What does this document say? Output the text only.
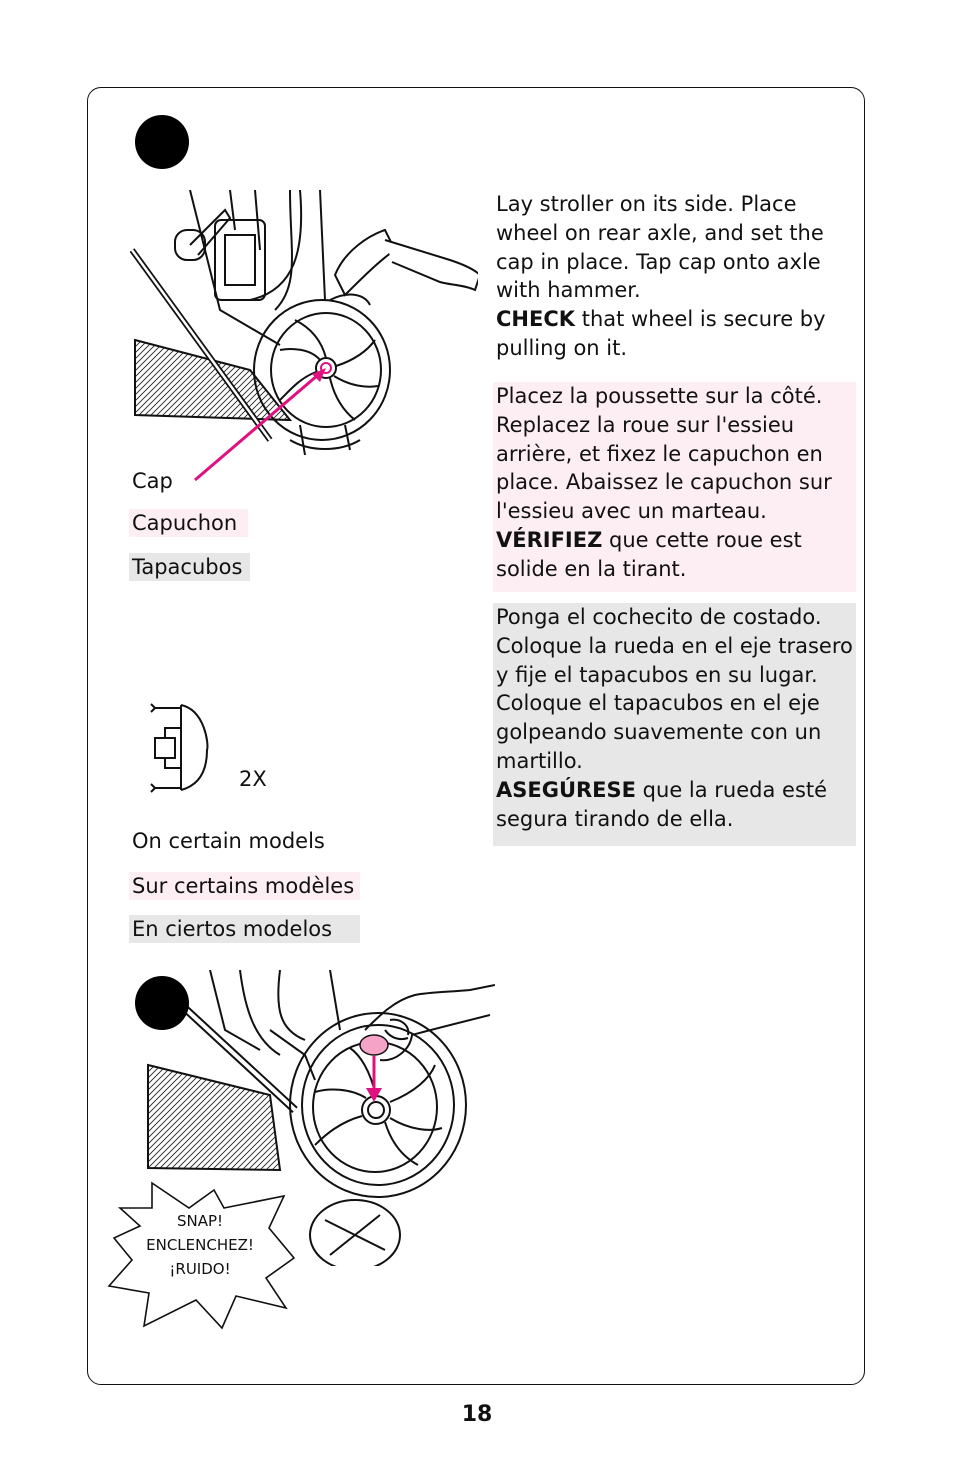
Cap
Capuchon
Tapacubos
2X
On certain models
Sur certains modèles
En ciertos modelos
Lay stroller on its side. Place wheel on rear axle, and set the cap in place. Tap cap onto axle with hammer.
CHECK that wheel is secure by pulling on it.
Placez la poussette sur la côté. Replacez la roue sur l'essieu arrière, et fixez le capuchon en place. Abaissez le capuchon sur l'essieu avec un marteau.
VÉRIFIEZ que cette roue est solide en la tirant.
Ponga el cochecito de costado. Coloque la rueda en el eje trasero y fije el tapacubos en su lugar. Coloque el tapacubos en el eje golpeando suavemente con un martillo.
ASEGÚRESE que la rueda esté segura tirando de ella.
SNAP!
ENCLENCHEZ!
¡RUIDO!
18
